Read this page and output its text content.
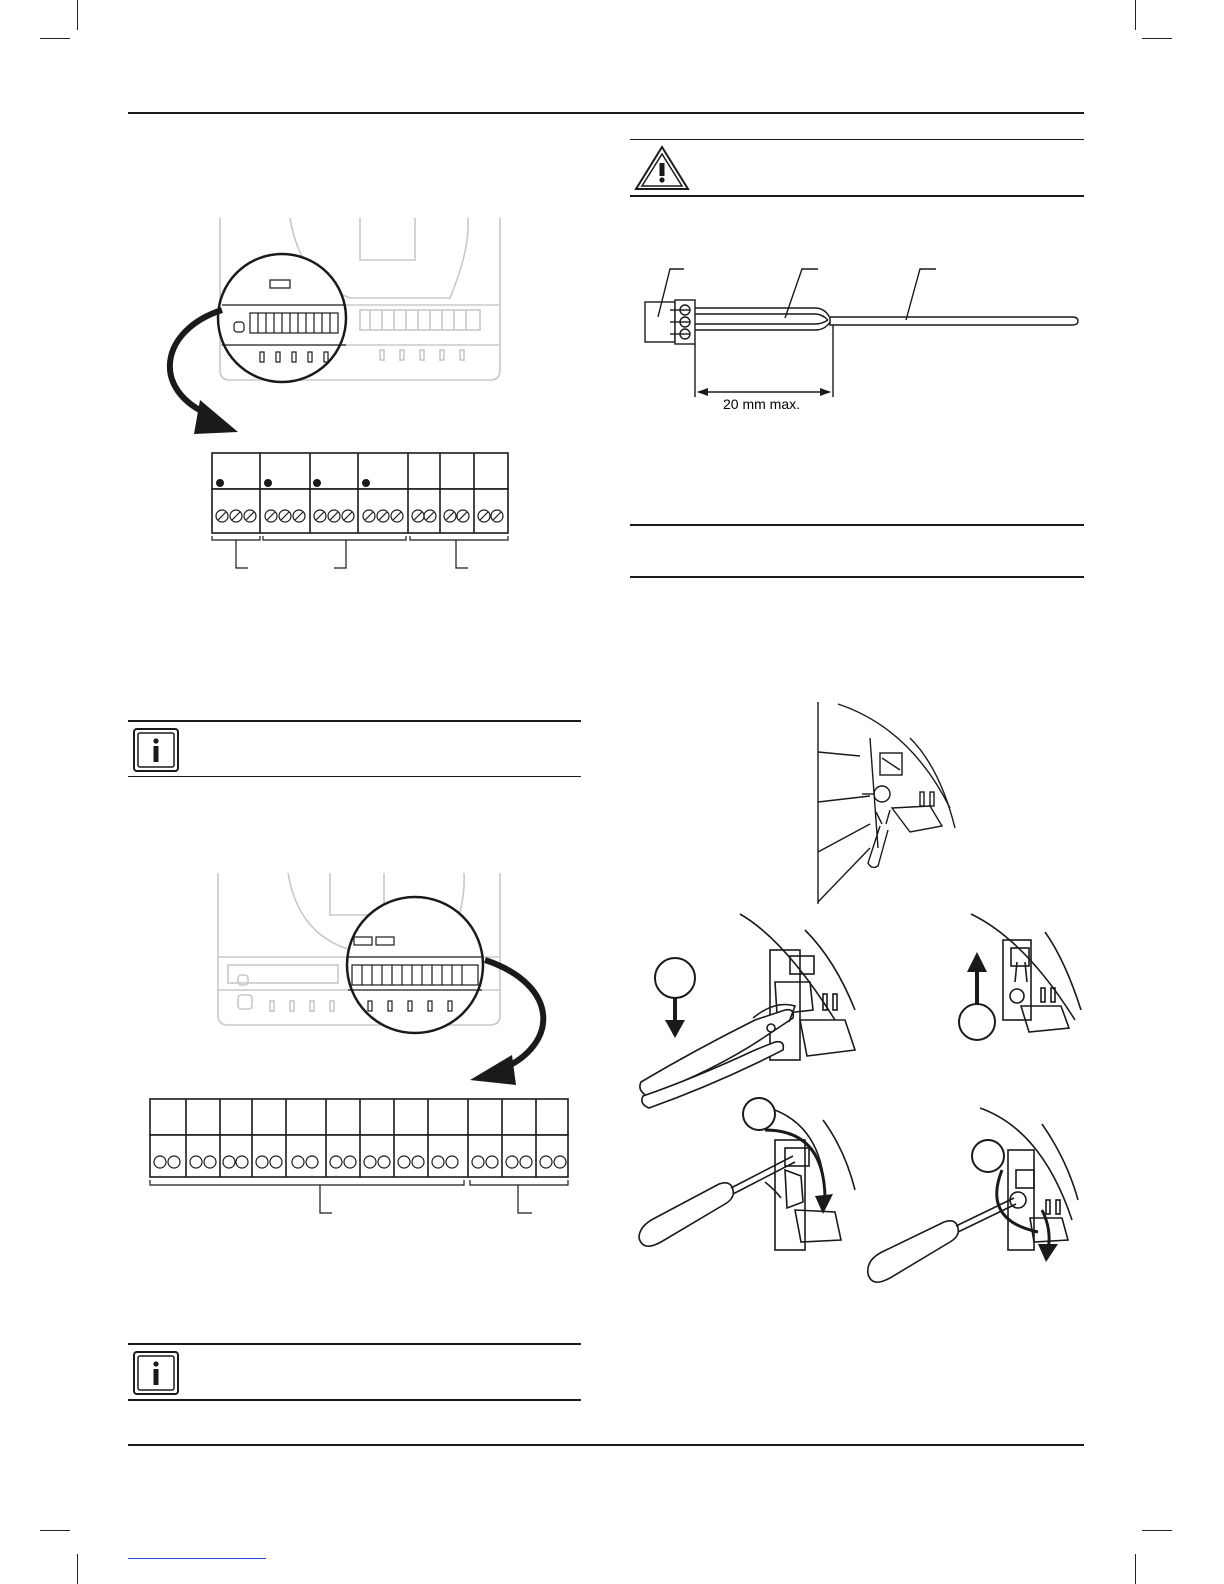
20 mm max.
